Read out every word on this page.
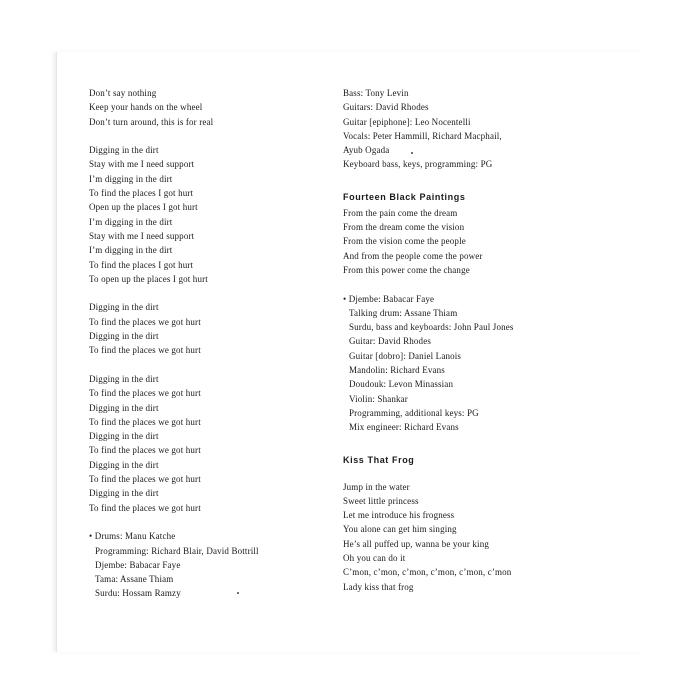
Don’t say nothing
Keep your hands on the wheel
Don’t turn around, this is for real
Digging in the dirt
Stay with me I need support
I’m digging in the dirt
To find the places I got hurt
Open up the places I got hurt
I’m digging in the dirt
Stay with me I need support
I’m digging in the dirt
To find the places I got hurt
To open up the places I got hurt
Digging in the dirt
To find the places we got hurt
Digging in the dirt
To find the places we got hurt
Digging in the dirt
To find the places we got hurt
Digging in the dirt
To find the places we got hurt
Digging in the dirt
To find the places we got hurt
Digging in the dirt
To find the places we got hurt
Digging in the dirt
To find the places we got hurt
• Drums: Manu Katche
Programming: Richard Blair, David Bottrill
Djembe: Babacar Faye
Tama: Assane Thiam
Surdu: Hossam Ramzy
Bass: Tony Levin
Guitars: David Rhodes
Guitar [epiphone]: Leo Nocentelli
Vocals: Peter Hammill, Richard Macphail,
Ayub Ogada
Keyboard bass, keys, programming: PG
Fourteen Black Paintings
From the pain come the dream
From the dream come the vision
From the vision come the people
And from the people come the power
From this power come the change
• Djembe: Babacar Faye
Talking drum: Assane Thiam
Surdu, bass and keyboards: John Paul Jones
Guitar: David Rhodes
Guitar [dobro]: Daniel Lanois
Mandolin: Richard Evans
Doudouk: Levon Minassian
Violin: Shankar
Programming, additional keys: PG
Mix engineer: Richard Evans
Kiss That Frog
Jump in the water
Sweet little princess
Let me introduce his frogness
You alone can get him singing
He’s all puffed up, wanna be your king
Oh you can do it
C’mon, c’mon, c’mon, c’mon, c’mon, c’mon
Lady kiss that frog
